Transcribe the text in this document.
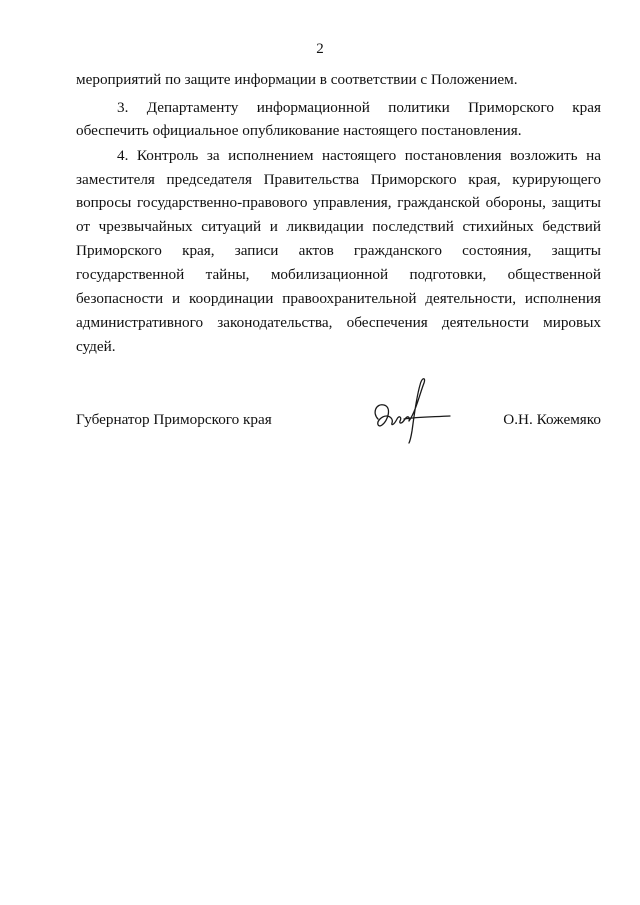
2
мероприятий по защите информации в соответствии с Положением.
3. Департаменту информационной политики Приморского края
обеспечить официальное опубликование настоящего постановления.
4. Контроль за исполнением настоящего постановления возложить на
заместителя председателя Правительства Приморского края, курирующего
вопросы государственно-правового управления, гражданской обороны, защиты
от чрезвычайных ситуаций и ликвидации последствий стихийных бедствий
Приморского края, записи актов гражданского состояния, защиты
государственной тайны, мобилизационной подготовки, общественной
безопасности и координации правоохранительной деятельности, исполнения
административного законодательства, обеспечения деятельности мировых
судей.
Губернатор Приморского края	О.Н. Кожемяко
